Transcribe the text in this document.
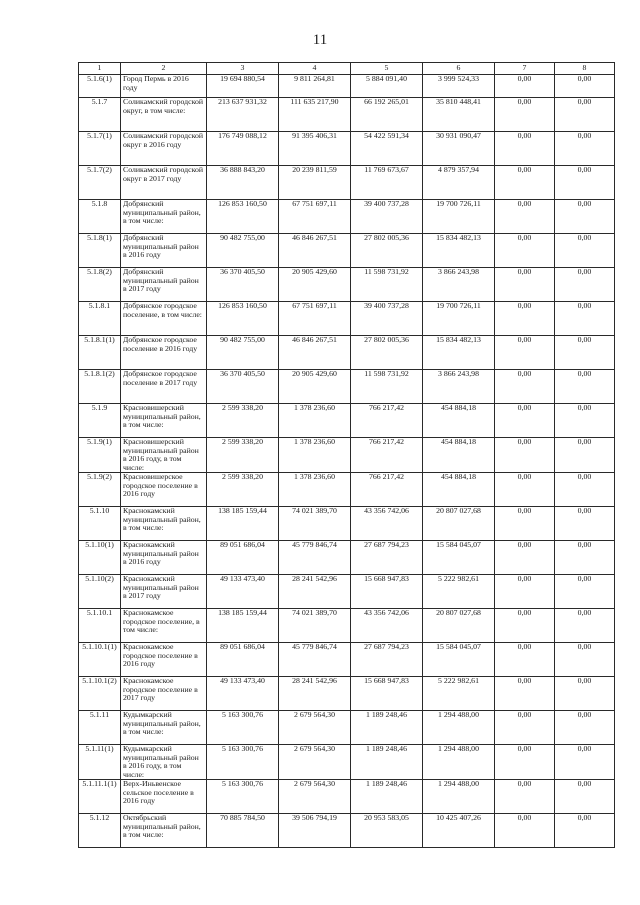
11
1	2	3	4	5	6	7	8
5.1.6(1)	Город Пермь в 2016 году	19 694 880,54	9 811 264,81	5 884 091,40	3 999 524,33	0,00	0,00
5.1.7	Соликамский городской округ, в том числе:	213 637 931,32	111 635 217,90	66 192 265,01	35 810 448,41	0,00	0,00
5.1.7(1)	Соликамский городской округ в 2016 году	176 749 088,12	91 395 406,31	54 422 591,34	30 931 090,47	0,00	0,00
5.1.7(2)	Соликамский городской округ в 2017 году	36 888 843,20	20 239 811,59	11 769 673,67	4 879 357,94	0,00	0,00
5.1.8	Добрянский муниципальный район, в том числе:	126 853 160,50	67 751 697,11	39 400 737,28	19 700 726,11	0,00	0,00
5.1.8(1)	Добрянский муниципальный район в 2016 году	90 482 755,00	46 846 267,51	27 802 005,36	15 834 482,13	0,00	0,00
5.1.8(2)	Добрянский муниципальный район в 2017 году	36 370 405,50	20 905 429,60	11 598 731,92	3 866 243,98	0,00	0,00
5.1.8.1	Добрянское городское поселение, в том числе:	126 853 160,50	67 751 697,11	39 400 737,28	19 700 726,11	0,00	0,00
5.1.8.1(1)	Добрянское городское поселение в 2016 году	90 482 755,00	46 846 267,51	27 802 005,36	15 834 482,13	0,00	0,00
5.1.8.1(2)	Добрянское городское поселение в 2017 году	36 370 405,50	20 905 429,60	11 598 731,92	3 866 243,98	0,00	0,00
5.1.9	Красновишерский муниципальный район, в том числе:	2 599 338,20	1 378 236,60	766 217,42	454 884,18	0,00	0,00
5.1.9(1)	Красновишерский муниципальный район в 2016 году, в том числе:	2 599 338,20	1 378 236,60	766 217,42	454 884,18	0,00	0,00
5.1.9(2)	Красновишерское городское поселение в 2016 году	2 599 338,20	1 378 236,60	766 217,42	454 884,18	0,00	0,00
5.1.10	Краснокамский муниципальный район, в том числе:	138 185 159,44	74 021 389,70	43 356 742,06	20 807 027,68	0,00	0,00
5.1.10(1)	Краснокамский муниципальный район в 2016 году	89 051 686,04	45 779 846,74	27 687 794,23	15 584 045,07	0,00	0,00
5.1.10(2)	Краснокамский муниципальный район в 2017 году	49 133 473,40	28 241 542,96	15 668 947,83	5 222 982,61	0,00	0,00
5.1.10.1	Краснокамское городское поселение, в том числе:	138 185 159,44	74 021 389,70	43 356 742,06	20 807 027,68	0,00	0,00
5.1.10.1(1)	Краснокамское городское поселение в 2016 году	89 051 686,04	45 779 846,74	27 687 794,23	15 584 045,07	0,00	0,00
5.1.10.1(2)	Краснокамское городское поселение в 2017 году	49 133 473,40	28 241 542,96	15 668 947,83	5 222 982,61	0,00	0,00
5.1.11	Кудымкарский муниципальный район, в том числе:	5 163 300,76	2 679 564,30	1 189 248,46	1 294 488,00	0,00	0,00
5.1.11(1)	Кудымкарский муниципальный район в 2016 году, в том числе:	5 163 300,76	2 679 564,30	1 189 248,46	1 294 488,00	0,00	0,00
5.1.11.1(1)	Верх-Иньвенское сельское поселение в 2016 году	5 163 300,76	2 679 564,30	1 189 248,46	1 294 488,00	0,00	0,00
5.1.12	Октябрьский муниципальный район, в том числе:	70 885 784,50	39 506 794,19	20 953 583,05	10 425 407,26	0,00	0,00
